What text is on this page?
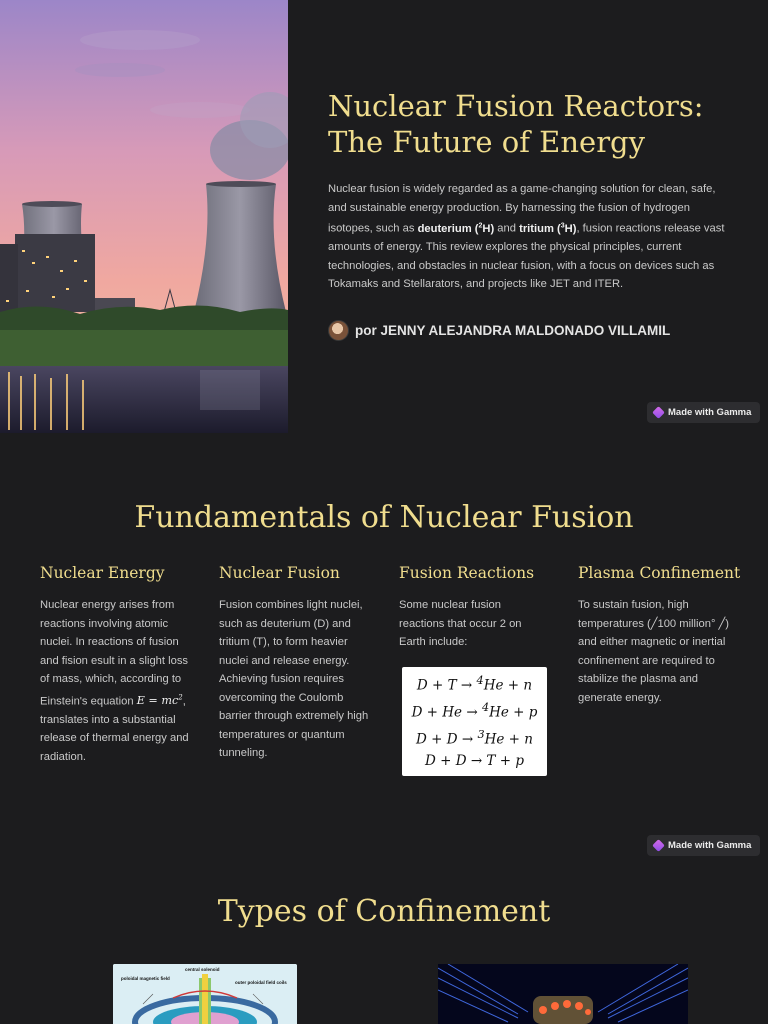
Nuclear Fusion Reactors:
The Future of Energy

Nuclear fusion is widely regarded as a game-changing solution for clean, safe, and sustainable energy production. By harnessing the fusion of hydrogen isotopes, such as deuterium ($^2$H) and tritium ($^3$H), fusion reactions release vast amounts of energy. This review explores the physical principles, current technologies, and obstacles in nuclear fusion, with a focus on devices such as Tokamaks and Stellarators, and projects like JET and ITER.

por JENNY ALEJANDRA MALDONADO VILLAMIL
Made with Gamma
Fundamentals of Nuclear Fusion
Nuclear Energy

Nuclear energy arises from reactions involving atomic nuclei. In reactions of fusion and fision esult in a slight loss of mass, which, according to Einstein's equation $E = mc^2$, translates into a substantial release of thermal energy and radiation.

Nuclear Fusion

Fusion combines light nuclei, such as deuterium (D) and tritium (T), to form heavier nuclei and release energy. Achieving fusion requires overcoming the Coulomb barrier through extremely high temperatures or quantum tunneling.

Fusion Reactions

Some nuclear fusion reactions that occur 2 on Earth include:

D + T → $^4$He + n
D + He → $^4$He + p
D + D → $^3$He + n
D + D → T + p
Plasma Confinement

To sustain fusion, high temperatures (╱100 million° ╱) and either magnetic or inertial confinement are required to stabilize the plasma and generate energy.

Made with Gamma
Types of Confinement
central solenoid
poloidal magnetic field
outer poloidal field coils
